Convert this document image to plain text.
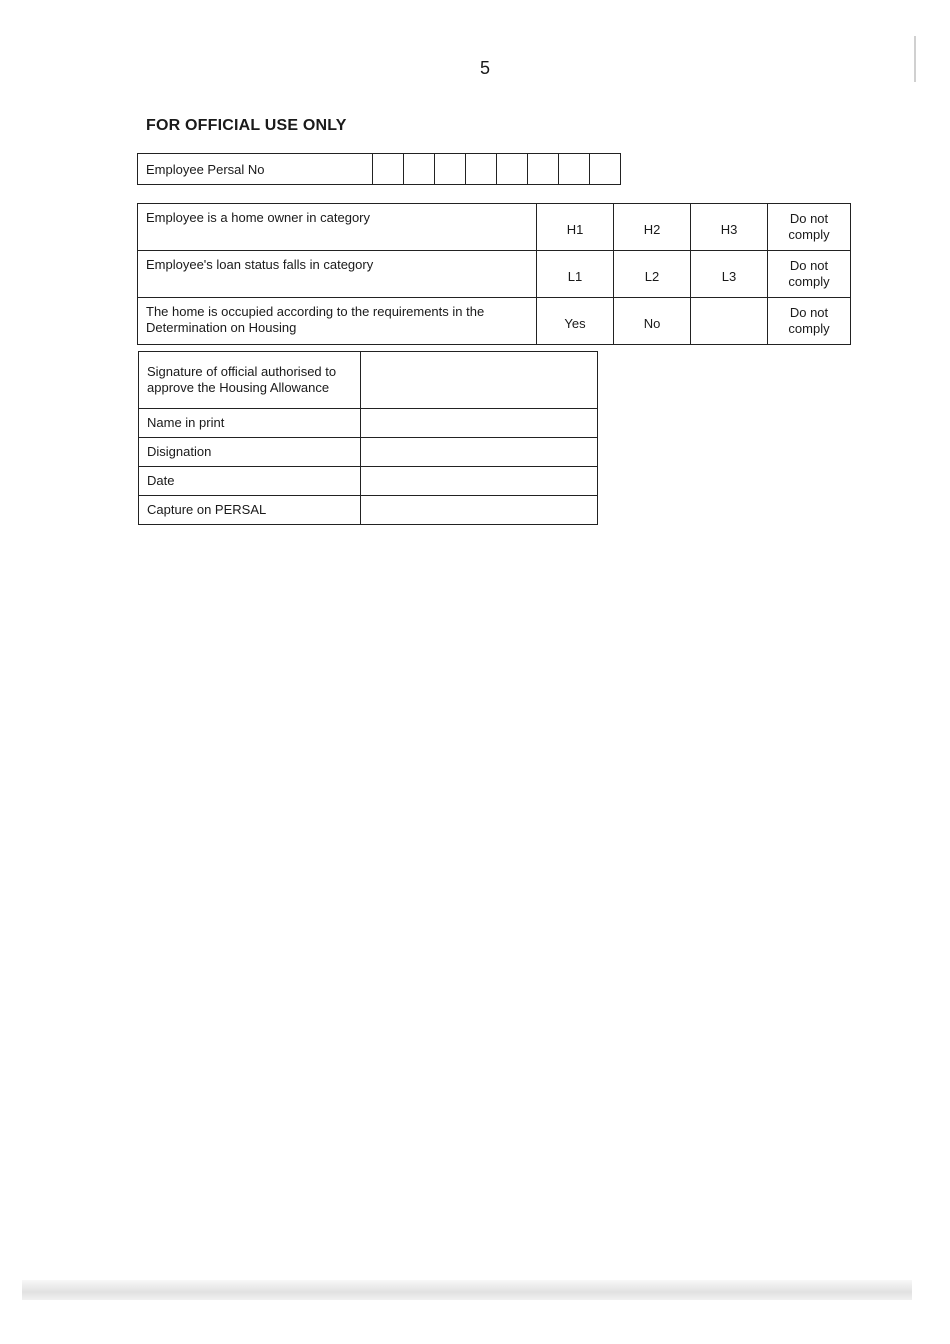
5
FOR OFFICIAL USE ONLY
Employee Persal No								
Employee is a home owner in category	H1	H2	H3	Do not comply
Employee's loan status falls in category	L1	L2	L3	Do not comply
The home is occupied according to the requirements in the Determination on Housing	Yes	No		Do not comply
Signature of official authorised to approve the Housing Allowance	
Name in print	
Disignation	
Date	
Capture on PERSAL	
